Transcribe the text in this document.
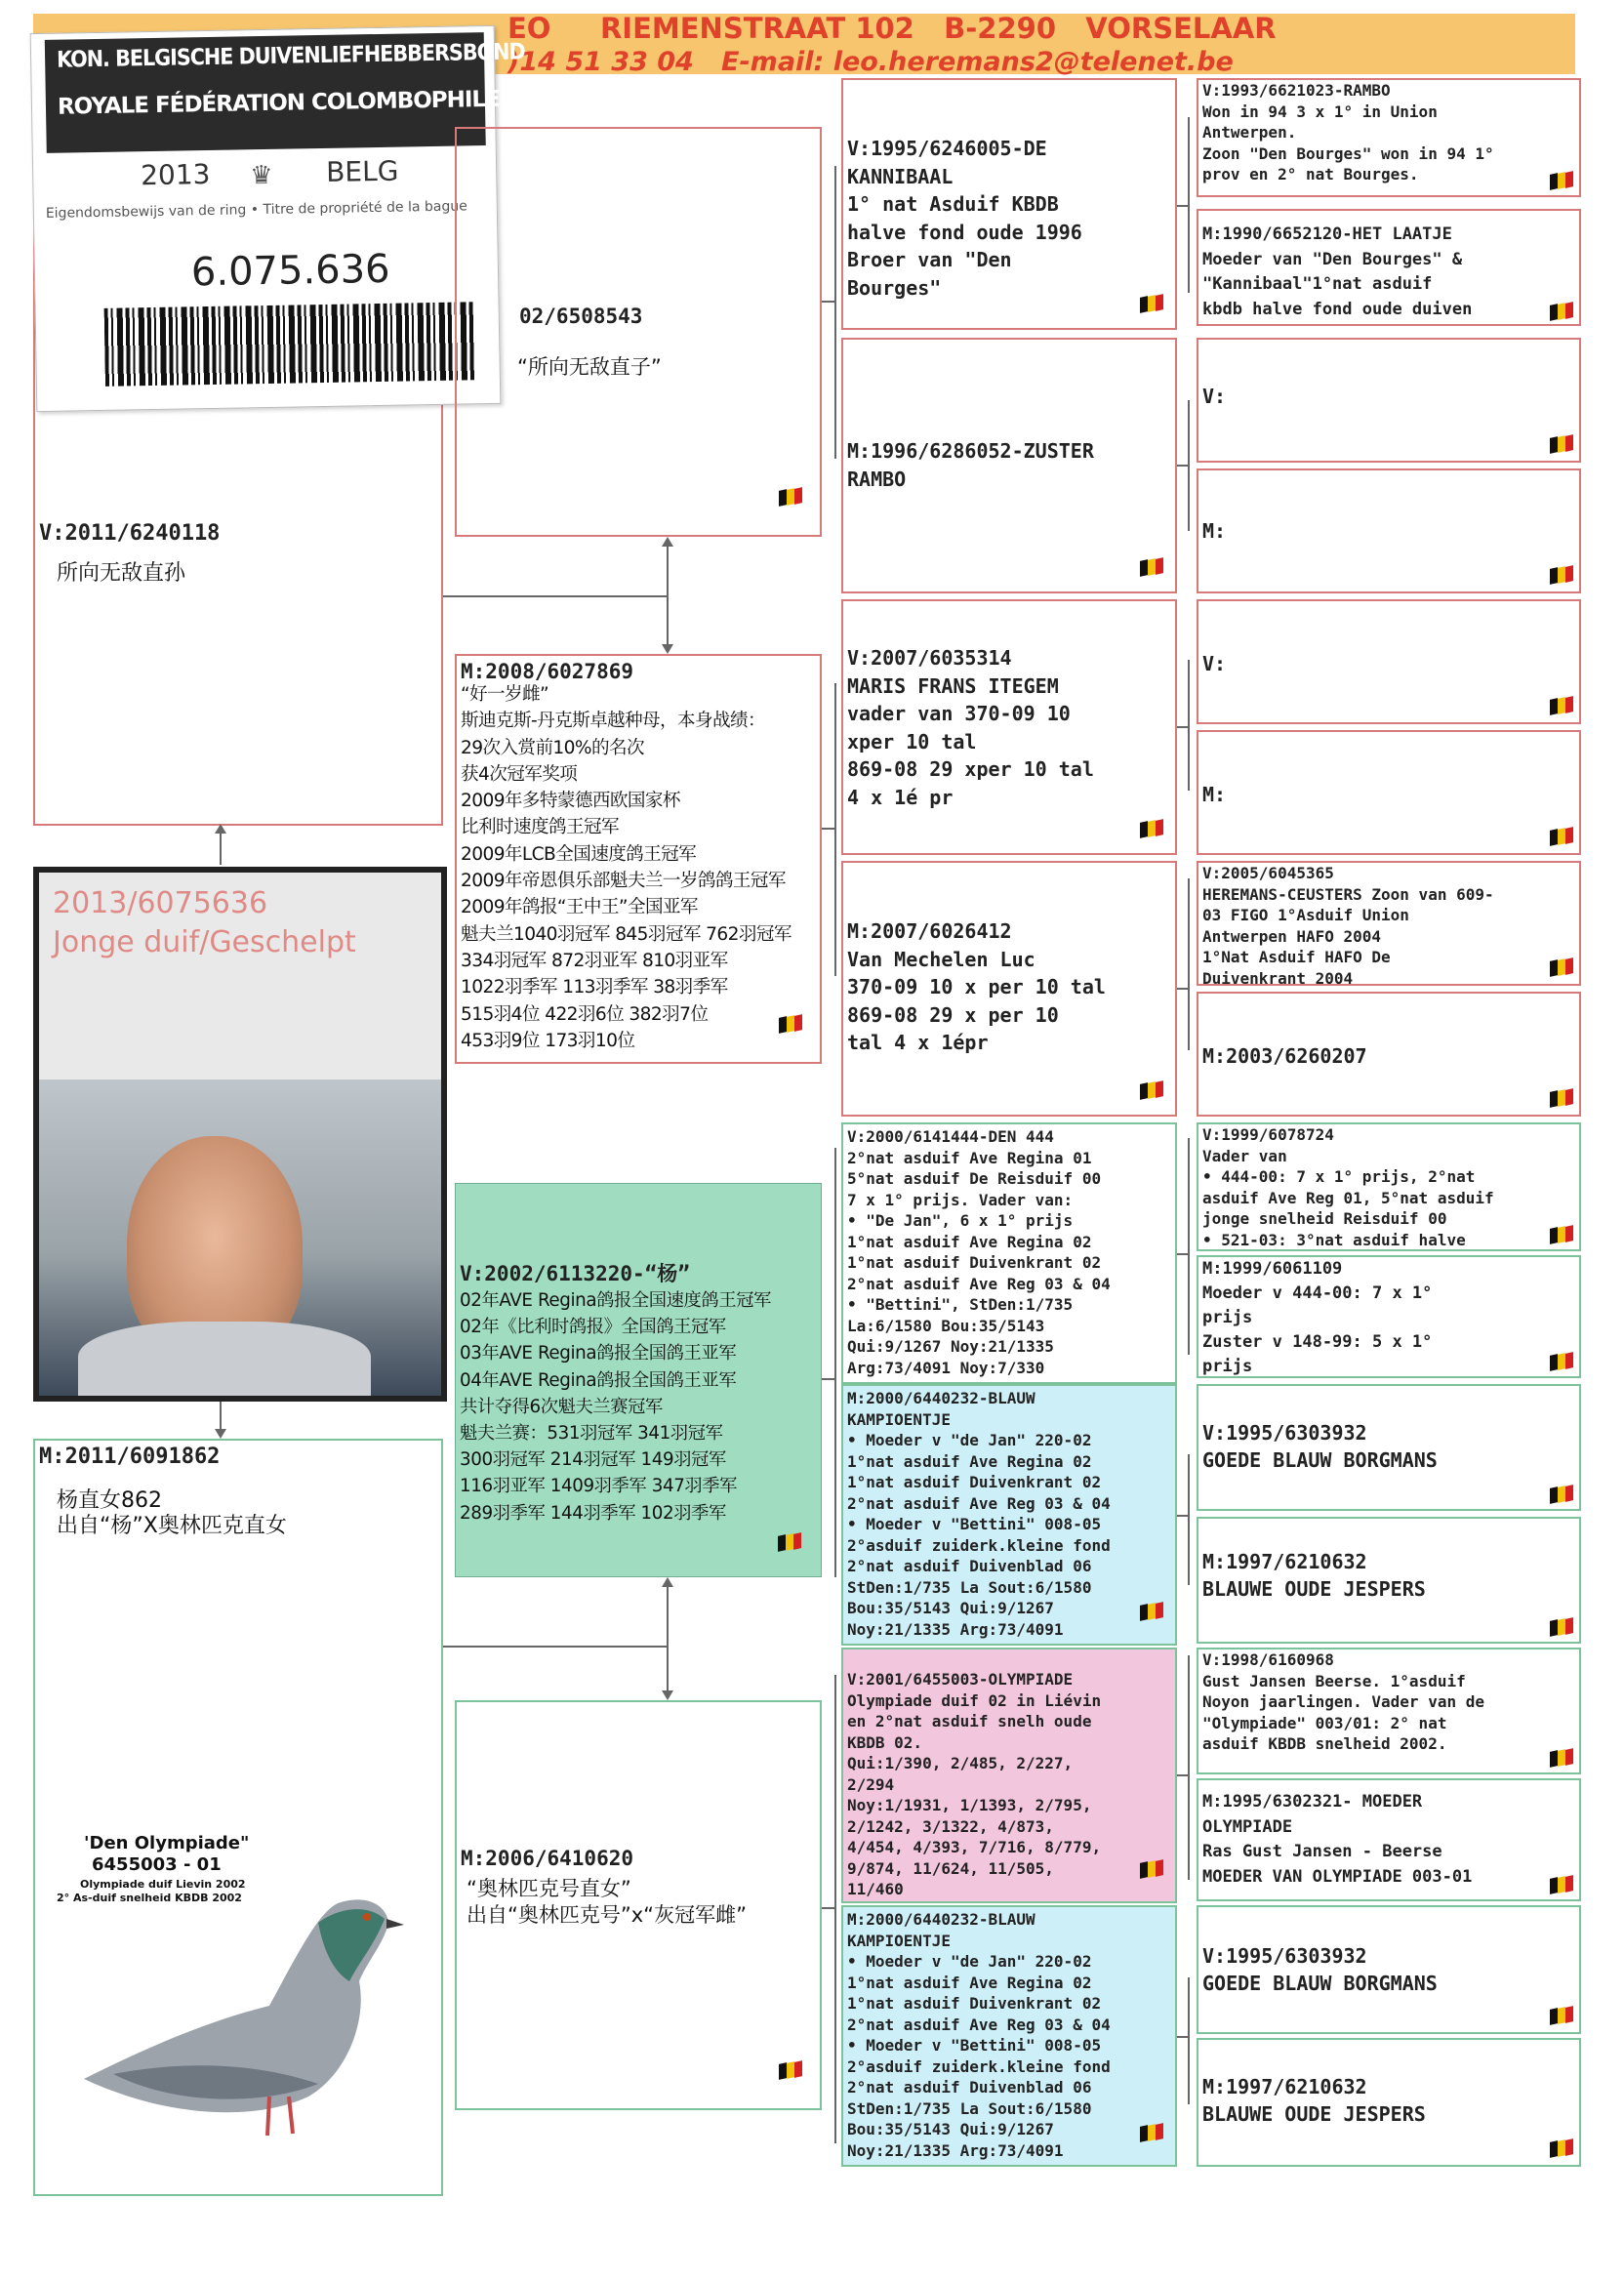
EO     RIEMENSTRAAT 102   B-2290   VORSELAAR
)14 51 33 04   E-mail: leo.heremans2@telenet.be
V:2011/6240118
所向无敌直孙
KON. BELGISCHE DUIVENLIEFHEBBERSBOND
ROYALE FÉDÉRATION COLOMBOPHILE BELGE
2013 ♛ BELG
Eigendomsbewijs van de ring • Titre de propriété de la bague
6.075.636
2013/6075636
Jonge duif/Geschelpt
M:2011/6091862
杨直女862
出自“杨”X奥林匹克直女
'Den Olympiade"
6455003 - 01
Olympiade duif Lievin 2002
2° As-duif snelheid KBDB 2002
02/6508543
“所向无敌直子”
M:2008/6027869
“好一岁雌”
斯迪克斯-丹克斯卓越种母，本身战绩：
29次入赏前10%的名次
获4次冠军奖项
2009年多特蒙德西欧国家杯
比利时速度鸽王冠军
2009年LCB全国速度鸽王冠军
2009年帝恩俱乐部魁夫兰一岁鸽鸽王冠军
2009年鸽报“王中王”全国亚军
魁夫兰1040羽冠军 845羽冠军 762羽冠军
334羽冠军 872羽亚军 810羽亚军
1022羽季军 113羽季军 38羽季军
515羽4位 422羽6位 382羽7位
453羽9位 173羽10位
V:2002/6113220-“杨”
02年AVE Regina鸽报全国速度鸽王冠军
02年《比利时鸽报》全国鸽王冠军
03年AVE Regina鸽报全国鸽王亚军
04年AVE Regina鸽报全国鸽王亚军
共计夺得6次魁夫兰赛冠军
魁夫兰赛：531羽冠军 341羽冠军
300羽冠军 214羽冠军 149羽冠军
116羽亚军 1409羽季军 347羽季军
289羽季军 144羽季军 102羽季军
M:2006/6410620
“奥林匹克号直女”
出自“奥林匹克号”x“灰冠军雌”
V:1995/6246005-DE
KANNIBAAL
1° nat Asduif KBDB
halve fond oude 1996
Broer van "Den
Bourges"
M:1996/6286052-ZUSTER
RAMBO
V:2007/6035314
MARIS FRANS ITEGEM
vader van 370-09 10
xper 10 tal
869-08 29 xper 10 tal
4 x 1é pr
M:2007/6026412
Van Mechelen Luc
370-09 10 x per 10 tal
869-08 29 x per 10
tal 4 x 1épr
V:2000/6141444-DEN 444
2°nat asduif Ave Regina 01
5°nat asduif De Reisduif 00
7 x 1° prijs. Vader van:
• "De Jan", 6 x 1° prijs
1°nat asduif Ave Regina 02
1°nat asduif Duivenkrant 02
2°nat asduif Ave Reg 03 & 04
• "Bettini", StDen:1/735
La:6/1580 Bou:35/5143
Qui:9/1267 Noy:21/1335
Arg:73/4091 Noy:7/330
M:2000/6440232-BLAUW
KAMPIOENTJE
• Moeder v "de Jan" 220-02
1°nat asduif Ave Regina 02
1°nat asduif Duivenkrant 02
2°nat asduif Ave Reg 03 & 04
• Moeder v "Bettini" 008-05
2°asduif zuiderk.kleine fond
2°nat asduif Duivenblad 06
StDen:1/735 La Sout:6/1580
Bou:35/5143 Qui:9/1267
Noy:21/1335 Arg:73/4091
V:2001/6455003-OLYMPIADE
Olympiade duif 02 in Liévin
en 2°nat asduif snelh oude
KBDB 02.
Qui:1/390, 2/485, 2/227,
2/294
Noy:1/1931, 1/1393, 2/795,
2/1242, 3/1322, 4/873,
4/454, 4/393, 7/716, 8/779,
9/874, 11/624, 11/505,
11/460
M:2000/6440232-BLAUW
KAMPIOENTJE
• Moeder v "de Jan" 220-02
1°nat asduif Ave Regina 02
1°nat asduif Duivenkrant 02
2°nat asduif Ave Reg 03 & 04
• Moeder v "Bettini" 008-05
2°asduif zuiderk.kleine fond
2°nat asduif Duivenblad 06
StDen:1/735 La Sout:6/1580
Bou:35/5143 Qui:9/1267
Noy:21/1335 Arg:73/4091
V:1993/6621023-RAMBO
Won in 94 3 x 1° in Union
Antwerpen.
Zoon "Den Bourges" won in 94 1°
prov en 2° nat Bourges.
M:1990/6652120-HET LAATJE
Moeder van "Den Bourges" &
"Kannibaal"1°nat asduif
kbdb halve fond oude duiven
V:
M:
V:
M:
V:2005/6045365
HEREMANS-CEUSTERS Zoon van 609-
03 FIGO 1°Asduif Union
Antwerpen HAFO 2004
1°Nat Asduif HAFO De
Duivenkrant 2004
M:2003/6260207
V:1999/6078724
Vader van
• 444-00: 7 x 1° prijs, 2°nat
asduif Ave Reg 01, 5°nat asduif
jonge snelheid Reisduif 00
• 521-03: 3°nat asduif halve
M:1999/6061109
Moeder v 444-00: 7 x 1°
prijs
Zuster v 148-99: 5 x 1°
prijs
V:1995/6303932
GOEDE BLAUW BORGMANS
M:1997/6210632
BLAUWE OUDE JESPERS
V:1998/6160968
Gust Jansen Beerse. 1°asduif
Noyon jaarlingen. Vader van de
"Olympiade" 003/01: 2° nat
asduif KBDB snelheid 2002.
M:1995/6302321- MOEDER
OLYMPIADE
Ras Gust Jansen - Beerse
MOEDER VAN OLYMPIADE 003-01
V:1995/6303932
GOEDE BLAUW BORGMANS
M:1997/6210632
BLAUWE OUDE JESPERS
